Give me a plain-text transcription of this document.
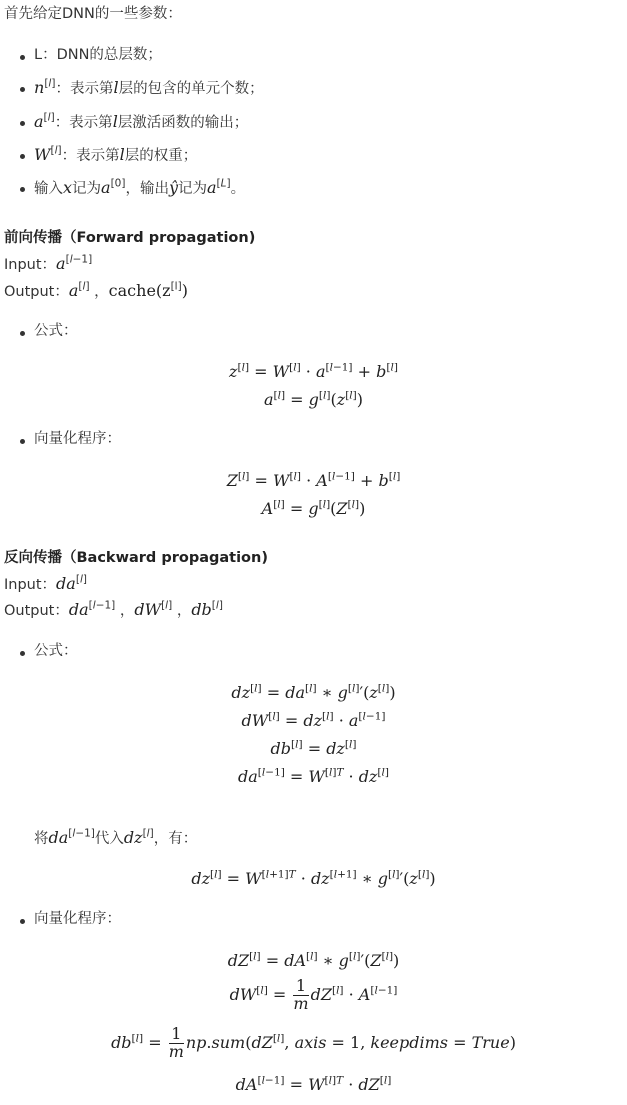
首先给定DNN的一些参数：
L：DNN的总层数；
n[l]：表示第l层的包含的单元个数；
a[l]：表示第l层激活函数的输出；
W[l]：表示第l层的权重；
输入x记为a[0]，输出ŷ记为a[L]。
前向传播（Forward propagation)
Input：a[l−1]
Output：a[l] ，cache(z[l])
公式：
z[l] = W[l] · a[l−1] + b[l]
a[l] = g[l](z[l])
向量化程序：
Z[l] = W[l] · A[l−1] + b[l]
A[l] = g[l](Z[l])
反向传播（Backward propagation)
Input：da[l]
Output：da[l−1] ，dW[l] ，db[l]
公式：
dz[l] = da[l] ∗ g[l]′(z[l])
dW[l] = dz[l] · a[l−1]
db[l] = dz[l]
$da[l-1] = W^{[l]T} \cdot dz[l]$
将da[l−1]代入dz[l]，有：
$dz[l] = W^{[l+1]T} \cdot dz[l+1]$ ∗ g[l]′(z[l])
向量化程序：
dZ[l] = dA[l] ∗ g[l]′(Z[l])
$dW[l] = \frac{1}{m} dZ[l] \cdot A[l-1]$
$db[l] = \frac{1}{m} np.sum(dZ[l]$, axis = 1, keepdims = True)
$dA[l-1] = W^{[l]T} \cdot dZ[l]$
